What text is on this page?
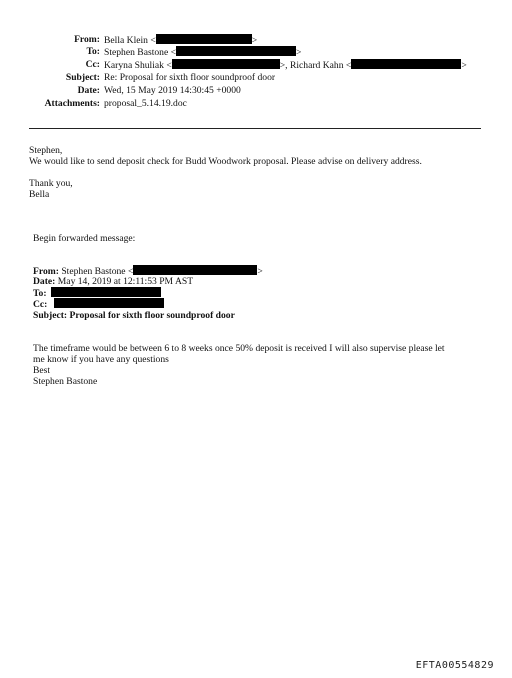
From: Bella Klein <	>
To: Stephen Bastone <	>
Cc: Karyna Shuliak <	>, Richard Kahn <	>
Subject: Re: Proposal for sixth floor soundproof door
Date: Wed, 15 May 2019 14:30:45 +0000
Attachments: proposal_5.14.19.doc
Stephen,
We would like to send deposit check for Budd Woodwork proposal. Please advise on delivery address.
Thank you,
Bella
Begin forwarded message:
From: Stephen Bastone <	>
Date: May 14, 2019 at 12:11:53 PM AST
To:
Cc:
Subject: Proposal for sixth floor soundproof door
The timeframe would be between 6 to 8 weeks once 50% deposit is received I will also supervise please let
me know if you have any questions
Best
Stephen Bastone
EFTA00554829
